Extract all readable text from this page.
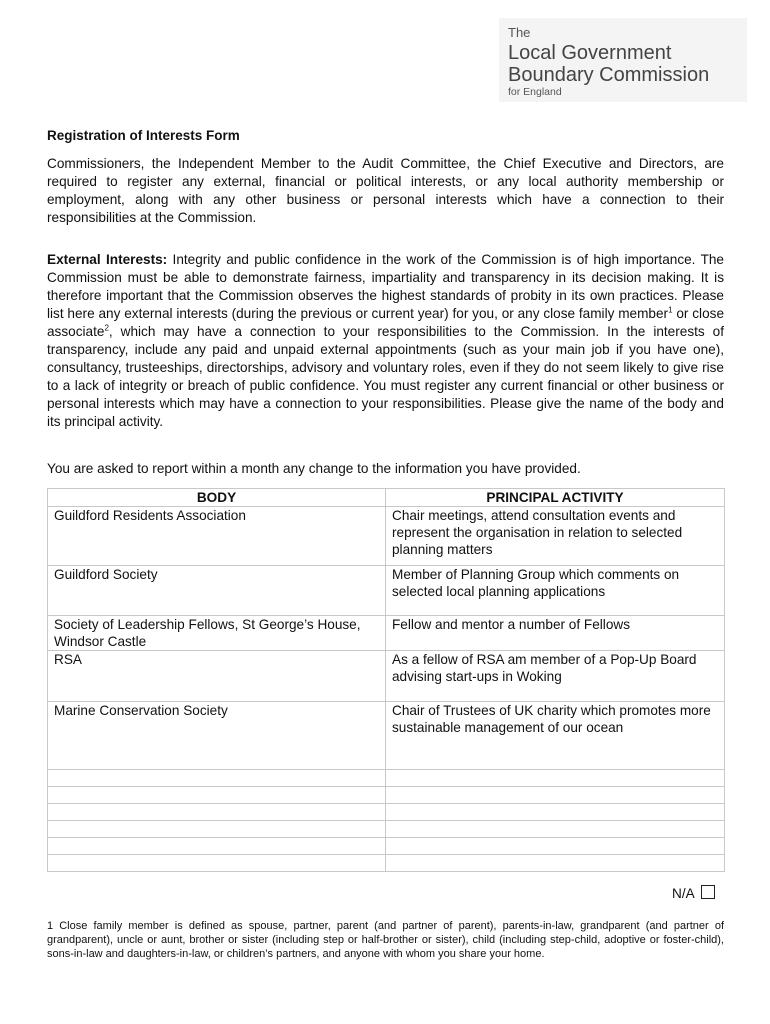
The
Local Government
Boundary Commission
for England
Registration of Interests Form

Commissioners, the Independent Member to the Audit Committee, the Chief Executive and Directors, are required to register any external, financial or political interests, or any local authority membership or employment, along with any other business or personal interests which have a connection to their responsibilities at the Commission.

External Interests: Integrity and public confidence in the work of the Commission is of high importance. The Commission must be able to demonstrate fairness, impartiality and transparency in its decision making. It is therefore important that the Commission observes the highest standards of probity in its own practices. Please list here any external interests (during the previous or current year) for you, or any close family member$^1$ or close associate$^2$, which may have a connection to your responsibilities to the Commission. In the interests of transparency, include any paid and unpaid external appointments (such as your main job if you have one), consultancy, trusteeships, directorships, advisory and voluntary roles, even if they do not seem likely to give rise to a lack of integrity or breach of public confidence. You must register any current financial or other business or personal interests which may have a connection to your responsibilities. Please give the name of the body and its principal activity.

You are asked to report within a month any change to the information you have provided.

BODY	PRINCIPAL ACTIVITY
Guildford Residents Association	Chair meetings, attend consultation events and represent the organisation in relation to selected planning matters
Guildford Society	Member of Planning Group which comments on selected local planning applications
Society of Leadership Fellows, St George’s House, Windsor Castle	Fellow and mentor a number of Fellows
RSA	As a fellow of RSA am member of a Pop-Up Board advising start-ups in Woking
Marine Conservation Society	Chair of Trustees of UK charity which promotes more sustainable management of our ocean

N/A

1 Close family member is defined as spouse, partner, parent (and partner of parent), parents-in-law, grandparent (and partner of grandparent), uncle or aunt, brother or sister (including step or half-brother or sister), child (including step-child, adoptive or foster-child), sons-in-law and daughters-in-law, or children’s partners, and anyone with whom you share your home.
